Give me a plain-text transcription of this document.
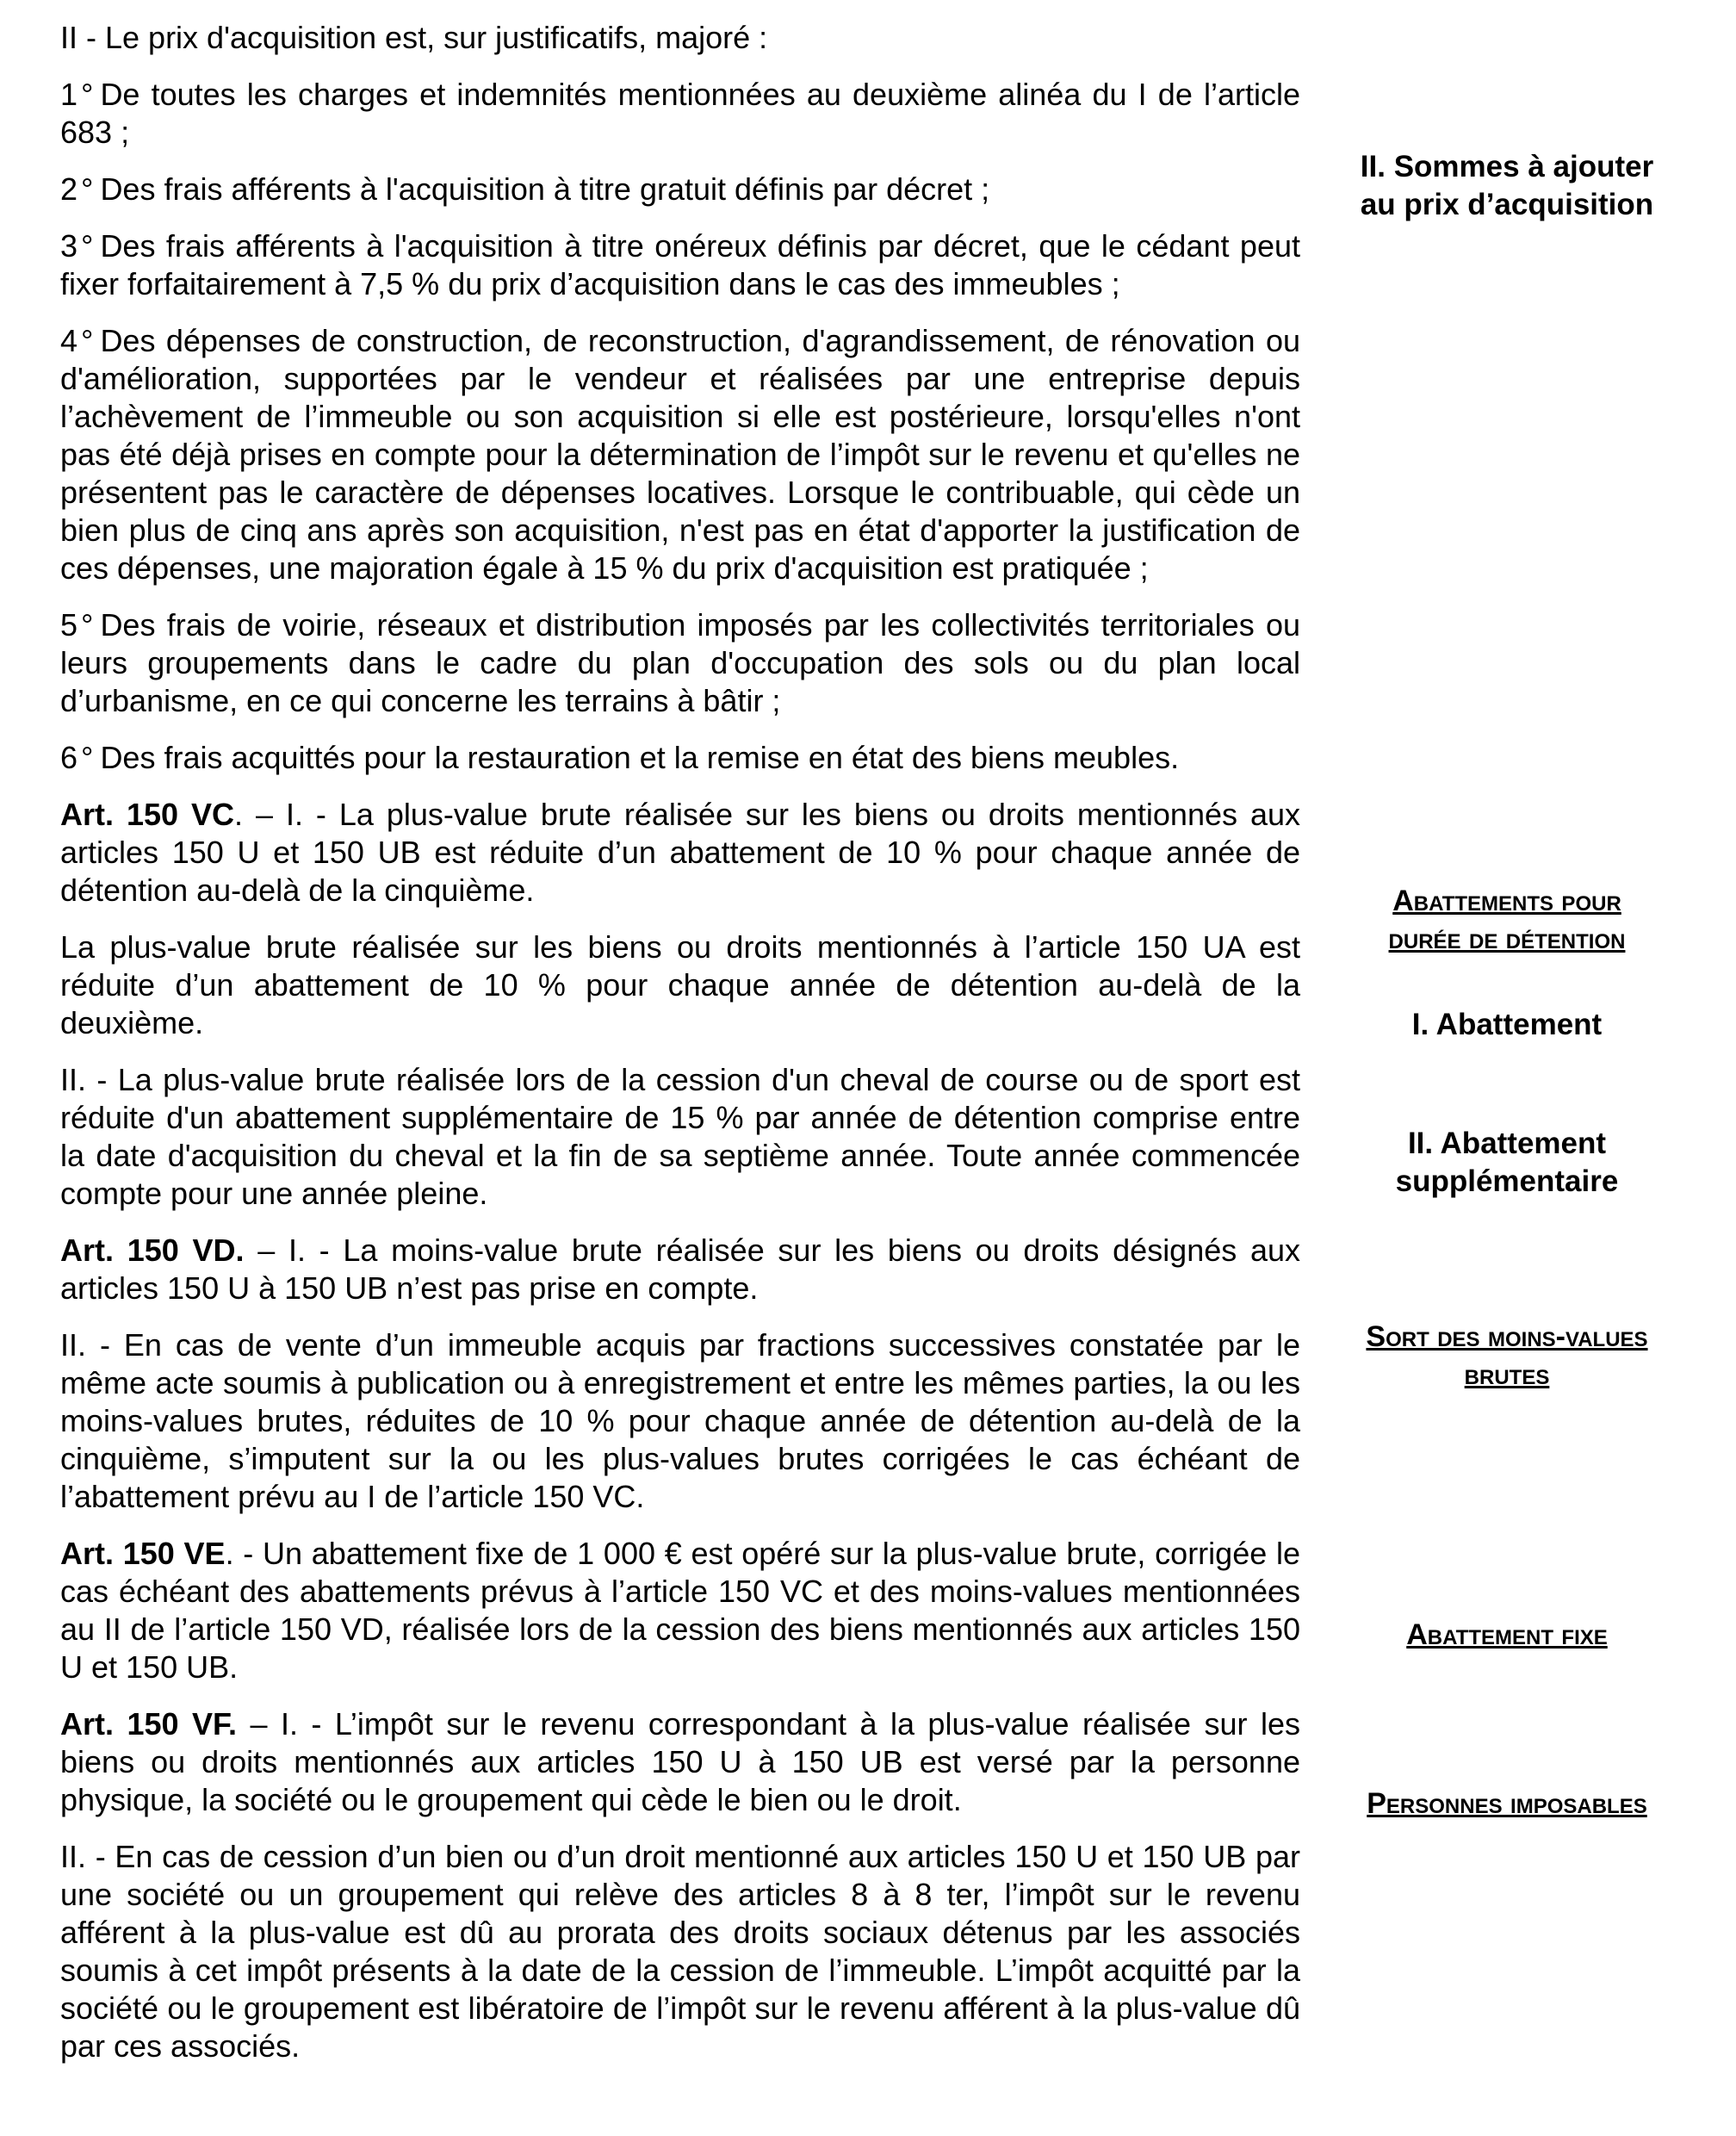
II - Le prix d'acquisition est, sur justificatifs, majoré :

1 ° De toutes les charges et indemnités mentionnées au deuxième alinéa du I de l’article 683 ;

2 ° Des frais afférents à l'acquisition à titre gratuit définis par décret ;

3 ° Des frais afférents à l'acquisition à titre onéreux définis par décret, que le cédant peut fixer forfaitairement à 7,5 % du prix d’acquisition dans le cas des immeubles ;

4 ° Des dépenses de construction, de reconstruction, d'agrandissement, de rénovation ou d'amélioration, supportées par le vendeur et réalisées par une entreprise depuis l’achèvement de l’immeuble ou son acquisition si elle est postérieure, lorsqu'elles n'ont pas été déjà prises en compte pour la détermination de l’impôt sur le revenu et qu'elles ne présentent pas le caractère de dépenses locatives. Lorsque le contribuable, qui cède un bien plus de cinq ans après son acquisition, n'est pas en état d'apporter la justification de ces dépenses, une majoration égale à 15 % du prix d'acquisition est pratiquée ;

5 ° Des frais de voirie, réseaux et distribution imposés par les collectivités territoriales ou leurs groupements dans le cadre du plan d'occupation des sols ou du plan local d’urbanisme, en ce qui concerne les terrains à bâtir ;

6 ° Des frais acquittés pour la restauration et la remise en état des biens meubles.

Art. 150 VC. – I. - La plus-value brute réalisée sur les biens ou droits mentionnés aux articles 150 U et 150 UB est réduite d’un abattement de 10 % pour chaque année de détention au-delà de la cinquième.

La plus-value brute réalisée sur les biens ou droits mentionnés à l’article 150 UA est réduite d’un abattement de 10 % pour chaque année de détention au-delà de la deuxième.

II. - La plus-value brute réalisée lors de la cession d'un cheval de course ou de sport est réduite d'un abattement supplémentaire de 15 % par année de détention comprise entre la date d'acquisition du cheval et la fin de sa septième année. Toute année commencée compte pour une année pleine.

Art. 150 VD. – I. - La moins-value brute réalisée sur les biens ou droits désignés aux articles 150 U à 150 UB n’est pas prise en compte.

II. - En cas de vente d’un immeuble acquis par fractions successives constatée par le même acte soumis à publication ou à enregistrement et entre les mêmes parties, la ou les moins-values brutes, réduites de 10 % pour chaque année de détention au-delà de la cinquième, s’imputent sur la ou les plus-values brutes corrigées le cas échéant de l’abattement prévu au I de l’article 150 VC.

Art. 150 VE. - Un abattement fixe de 1 000 € est opéré sur la plus-value brute, corrigée le cas échéant des abattements prévus à l’article 150 VC et des moins-values mentionnées au II de l’article 150 VD, réalisée lors de la cession des biens mentionnés aux articles 150 U et 150 UB.

Art. 150 VF. – I. - L’impôt sur le revenu correspondant à la plus-value réalisée sur les biens ou droits mentionnés aux articles 150 U à 150 UB est versé par la personne physique, la société ou le groupement qui cède le bien ou le droit.

II. - En cas de cession d’un bien ou d’un droit mentionné aux articles 150 U et 150 UB par une société ou un groupement qui relève des articles 8 à 8 ter, l’impôt sur le revenu afférent à la plus-value est dû au prorata des droits sociaux détenus par les associés soumis à cet impôt présents à la date de la cession de l’immeuble. L’impôt acquitté par la société ou le groupement est libératoire de l’impôt sur le revenu afférent à la plus-value dû par ces associés.

II. Sommes à ajouter
au prix d’acquisition
Abattements pour
durée de détention
I. Abattement
II. Abattement
supplémentaire
Sort des moins-values
brutes
Abattement fixe
Personnes imposables
